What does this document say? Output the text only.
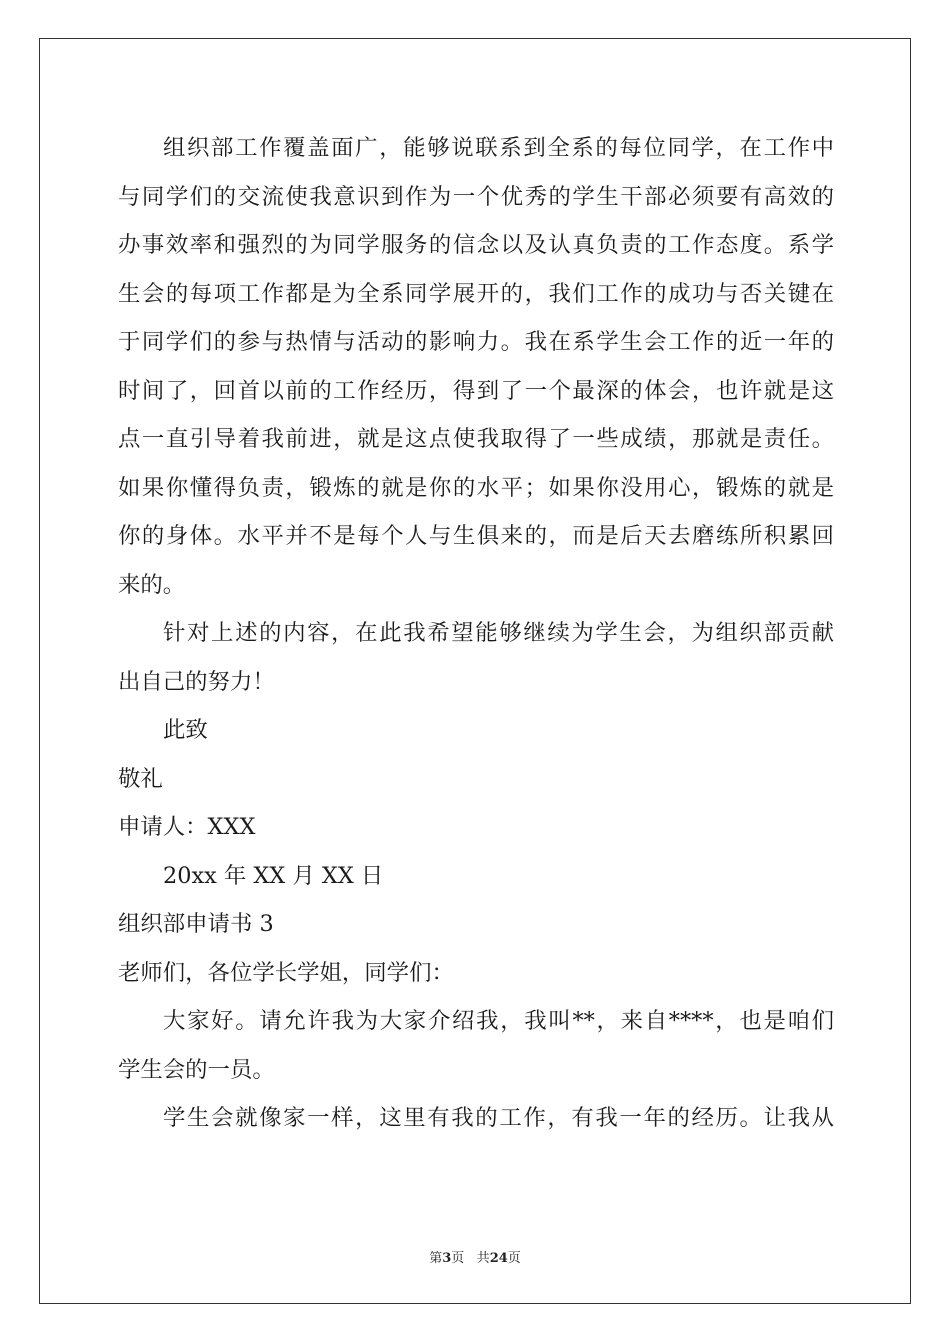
组织部工作覆盖面广，能够说联系到全系的每位同学，在工作中
与同学们的交流使我意识到作为一个优秀的学生干部必须要有高效的
办事效率和强烈的为同学服务的信念以及认真负责的工作态度。系学
生会的每项工作都是为全系同学展开的，我们工作的成功与否关键在
于同学们的参与热情与活动的影响力。我在系学生会工作的近一年的
时间了，回首以前的工作经历，得到了一个最深的体会，也许就是这
点一直引导着我前进，就是这点使我取得了一些成绩，那就是责任。
如果你懂得负责，锻炼的就是你的水平；如果你没用心，锻炼的就是
你的身体。水平并不是每个人与生俱来的，而是后天去磨练所积累回
来的。
针对上述的内容，在此我希望能够继续为学生会，为组织部贡献
出自己的努力！
此致
敬礼
申请人：XXX
20xx 年 XX 月 XX 日
组织部申请书 3
老师们，各位学长学姐，同学们：
大家好。请允许我为大家介绍我，我叫**，来自****，也是咱们
学生会的一员。
学生会就像家一样，这里有我的工作，有我一年的经历。让我从
第3页 共24页
